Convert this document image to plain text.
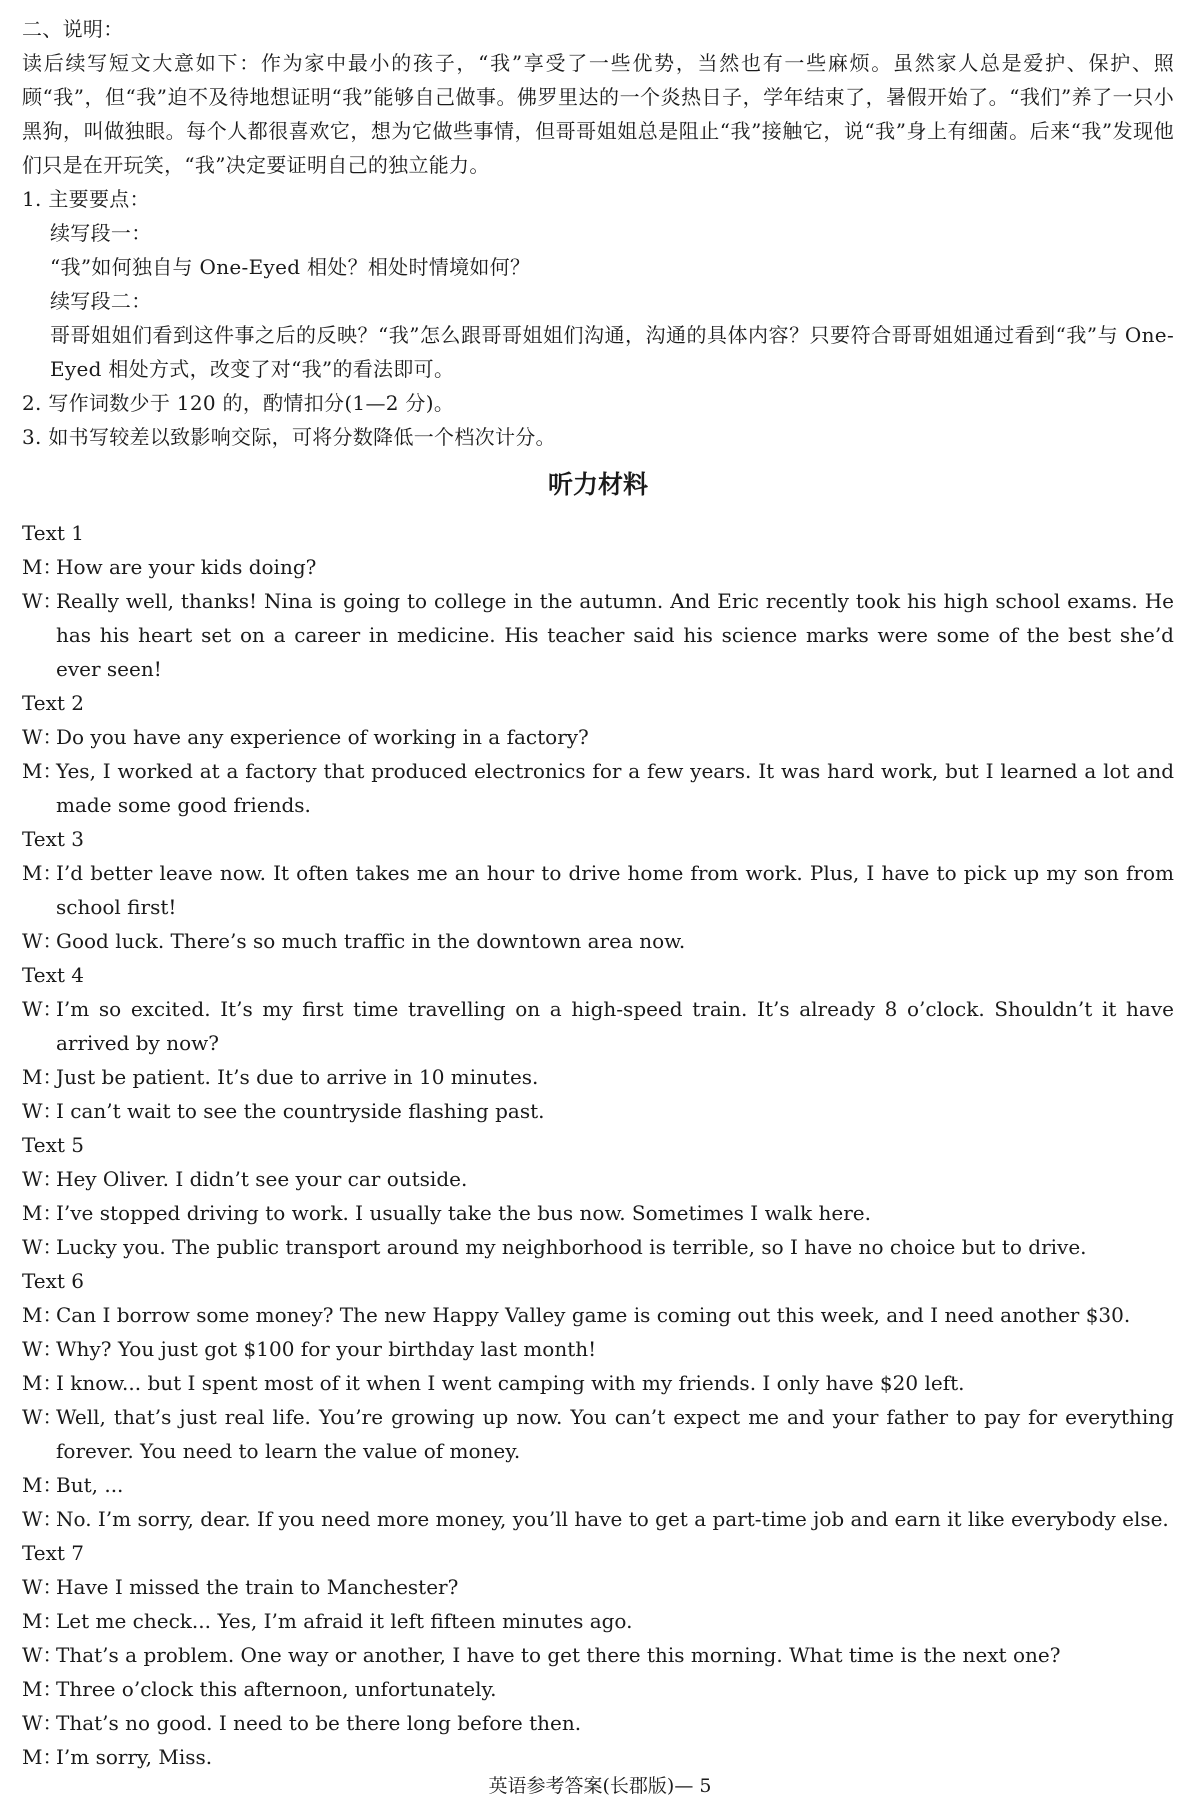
二、说明：

读后续写短文大意如下：作为家中最小的孩子，“我”享受了一些优势，当然也有一些麻烦。虽然家人总是爱护、保护、照顾“我”，但“我”迫不及待地想证明“我”能够自己做事。佛罗里达的一个炎热日子，学年结束了，暑假开始了。“我们”养了一只小黑狗，叫做独眼。每个人都很喜欢它，想为它做些事情，但哥哥姐姐总是阻止“我”接触它，说“我”身上有细菌。后来“我”发现他们只是在开玩笑，“我”决定要证明自己的独立能力。

1. 主要要点：

续写段一：

“我”如何独自与 One-Eyed 相处？相处时情境如何？

续写段二：

哥哥姐姐们看到这件事之后的反映？“我”怎么跟哥哥姐姐们沟通，沟通的具体内容？只要符合哥哥姐姐通过看到“我”与 One-Eyed 相处方式，改变了对“我”的看法即可。

2. 写作词数少于 120 的，酌情扣分(1—2 分)。

3. 如书写较差以致影响交际，可将分数降低一个档次计分。

听力材料

Text 1

M：
How are your kids doing?
W：
Really well, thanks! Nina is going to college in the autumn. And Eric recently took his high school exams. He has his heart set on a career in medicine. His teacher said his science marks were some of the best she’d ever seen!

Text 2

W：
Do you have any experience of working in a factory?
M：
Yes, I worked at a factory that produced electronics for a few years. It was hard work, but I learned a lot and made some good friends.

Text 3

M：
I’d better leave now. It often takes me an hour to drive home from work. Plus, I have to pick up my son from school first!
W：
Good luck. There’s so much traffic in the downtown area now.

Text 4

W：
I’m so excited. It’s my first time travelling on a high-speed train. It’s already 8 o’clock. Shouldn’t it have arrived by now?
M：
Just be patient. It’s due to arrive in 10 minutes.
W：
I can’t wait to see the countryside flashing past.

Text 5

W：
Hey Oliver. I didn’t see your car outside.
M：
I’ve stopped driving to work. I usually take the bus now. Sometimes I walk here.
W：
Lucky you. The public transport around my neighborhood is terrible, so I have no choice but to drive.

Text 6

M：
Can I borrow some money? The new Happy Valley game is coming out this week, and I need another $30.
W：
Why? You just got $100 for your birthday last month!
M：
I know... but I spent most of it when I went camping with my friends. I only have $20 left.
W：
Well, that’s just real life. You’re growing up now. You can’t expect me and your father to pay for everything forever. You need to learn the value of money.
M：
But, ...
W：
No. I’m sorry, dear. If you need more money, you’ll have to get a part-time job and earn it like everybody else.

Text 7

W：
Have I missed the train to Manchester?
M：
Let me check... Yes, I’m afraid it left fifteen minutes ago.
W：
That’s a problem. One way or another, I have to get there this morning. What time is the next one?
M：
Three o’clock this afternoon, unfortunately.
W：
That’s no good. I need to be there long before then.
M：
I’m sorry, Miss.
英语参考答案(长郡版)— 5
